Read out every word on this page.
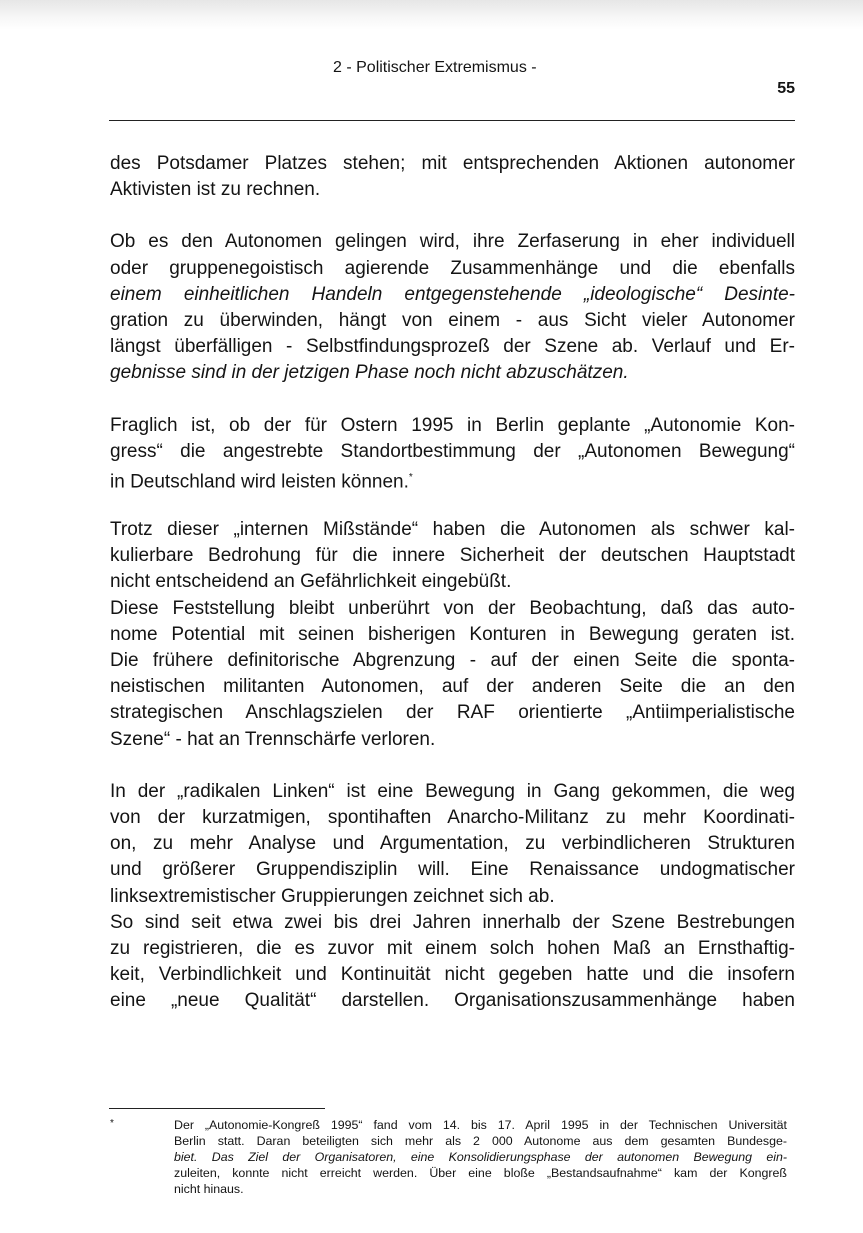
2 - Politischer Extremismus -
55
des Potsdamer Platzes stehen; mit entsprechenden Aktionen autonomer
Aktivisten ist zu rechnen.
Ob es den Autonomen gelingen wird, ihre Zerfaserung in eher individuell
oder gruppenegoistisch agierende Zusammenhänge und die ebenfalls
einem einheitlichen Handeln entgegenstehende „ideologische“ Desinte-
gration zu überwinden, hängt von einem - aus Sicht vieler Autonomer
längst überfälligen - Selbstfindungsprozeß der Szene ab. Verlauf und Er-
gebnisse sind in der jetzigen Phase noch nicht abzuschätzen.
Fraglich ist, ob der für Ostern 1995 in Berlin geplante „Autonomie Kon-
gress“ die angestrebte Standortbestimmung der „Autonomen Bewegung“
in Deutschland wird leisten können.*
Trotz dieser „internen Mißstände“ haben die Autonomen als schwer kal-
kulierbare Bedrohung für die innere Sicherheit der deutschen Hauptstadt
nicht entscheidend an Gefährlichkeit eingebüßt.
Diese Feststellung bleibt unberührt von der Beobachtung, daß das auto-
nome Potential mit seinen bisherigen Konturen in Bewegung geraten ist.
Die frühere definitorische Abgrenzung - auf der einen Seite die sponta-
neistischen militanten Autonomen, auf der anderen Seite die an den
strategischen Anschlagszielen der RAF orientierte „Antiimperialistische
Szene“ - hat an Trennschärfe verloren.
In der „radikalen Linken“ ist eine Bewegung in Gang gekommen, die weg
von der kurzatmigen, spontihaften Anarcho-Militanz zu mehr Koordinati-
on, zu mehr Analyse und Argumentation, zu verbindlicheren Strukturen
und größerer Gruppendisziplin will. Eine Renaissance undogmatischer
linksextremistischer Gruppierungen zeichnet sich ab.
So sind seit etwa zwei bis drei Jahren innerhalb der Szene Bestrebungen
zu registrieren, die es zuvor mit einem solch hohen Maß an Ernsthaftig-
keit, Verbindlichkeit und Kontinuität nicht gegeben hatte und die insofern
eine „neue Qualität“ darstellen. Organisationszusammenhänge haben
*	Der „Autonomie-Kongreß 1995“ fand vom 14. bis 17. April 1995 in der Technischen Universität
Berlin statt. Daran beteiligten sich mehr als 2 000 Autonome aus dem gesamten Bundesge-
biet. Das Ziel der Organisatoren, eine Konsolidierungsphase der autonomen Bewegung ein-
zuleiten, konnte nicht erreicht werden. Über eine bloße „Bestandsaufnahme“ kam der Kongreß
nicht hinaus.
